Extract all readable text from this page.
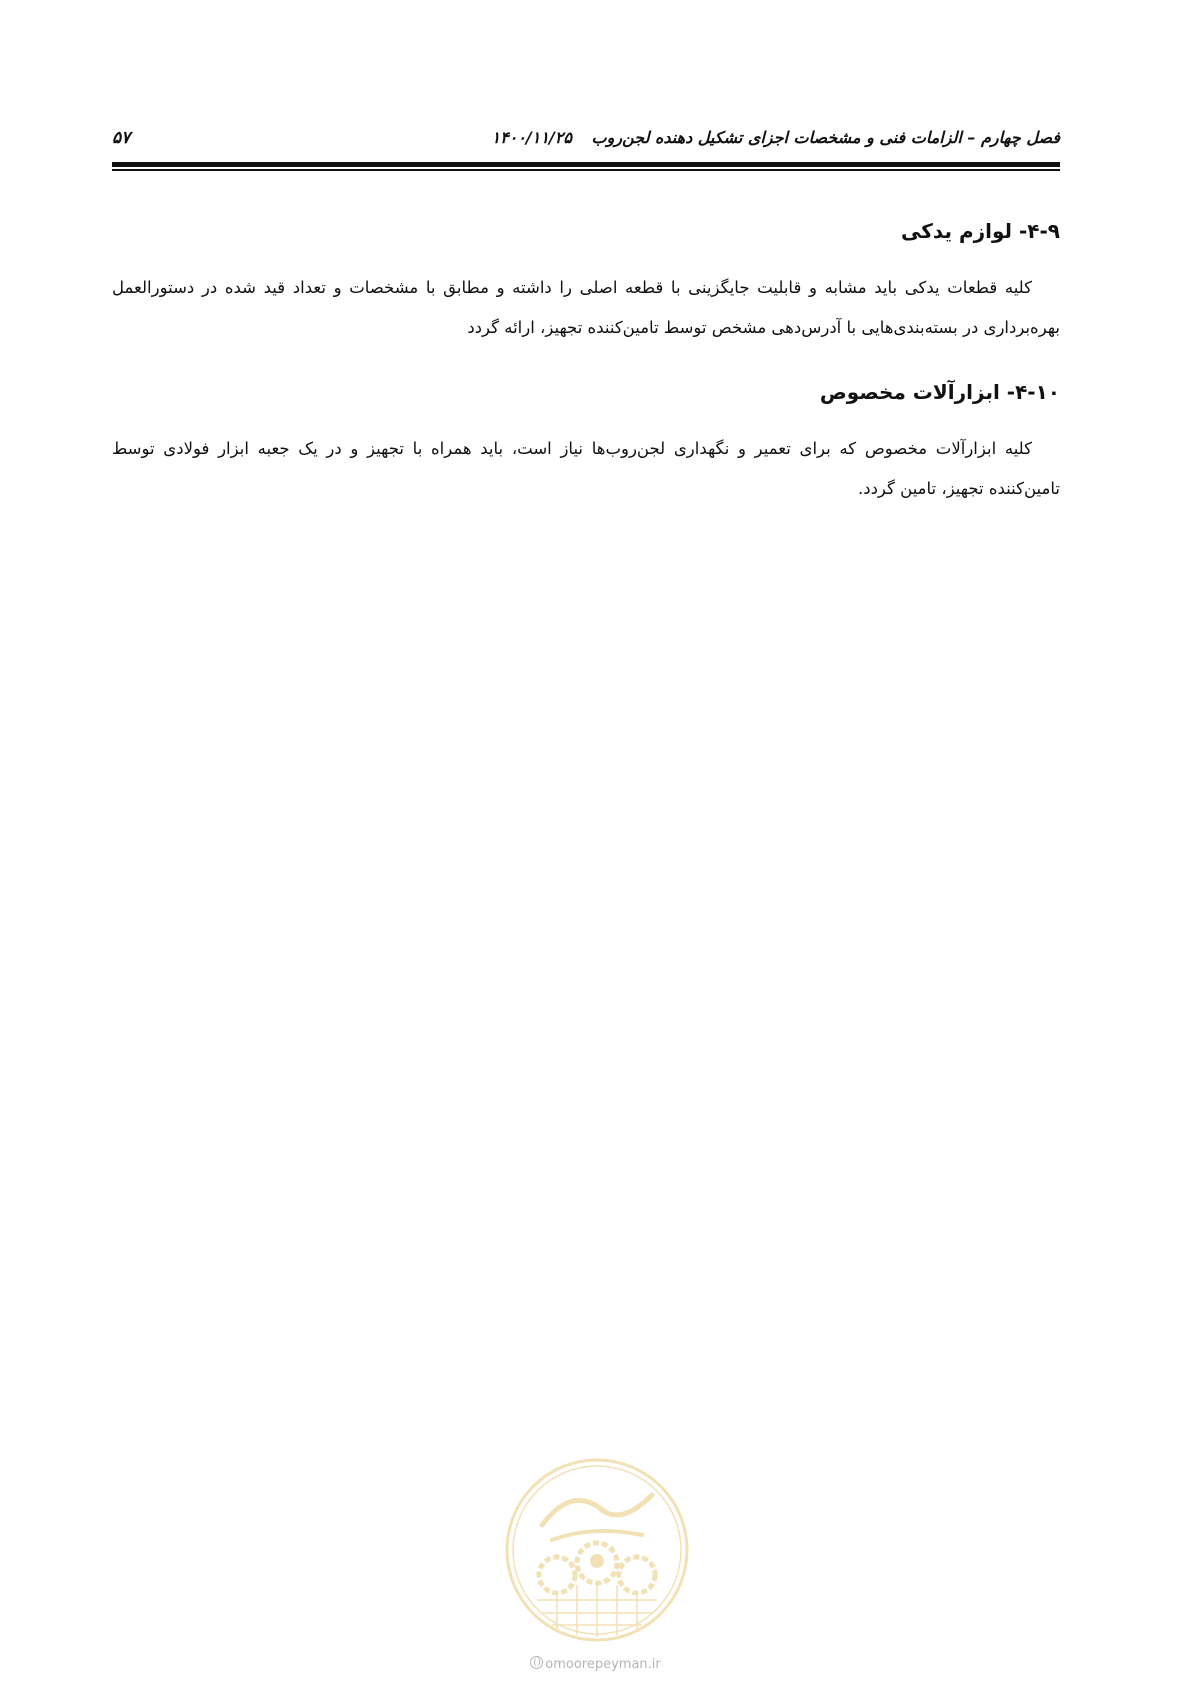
فصل چهارم – الزامات فنی و مشخصات اجزای تشکیل دهنده لجن‌روب ۱۴۰۰/۱۱/۲۵
۵۷
۴-۹- لوازم یدکی

کلیه قطعات یدکی باید مشابه و قابلیت جایگزینی با قطعه اصلی را داشته و مطابق با مشخصات و تعداد قید شده در دستورالعمل بهره‌برداری در بسته‌بندی‌هایی با آدرس‌دهی مشخص توسط تامین‌کننده تجهیز، ارائه گردد

۴-۱۰- ابزارآلات مخصوص

کلیه ابزارآلات مخصوص که برای تعمیر و نگهداری لجن‌روب‌ها نیاز است، باید همراه با تجهیز و در یک جعبه ابزار فولادی توسط تامین‌کننده تجهیز، تامین گردد.

omoorepeyman.ir
